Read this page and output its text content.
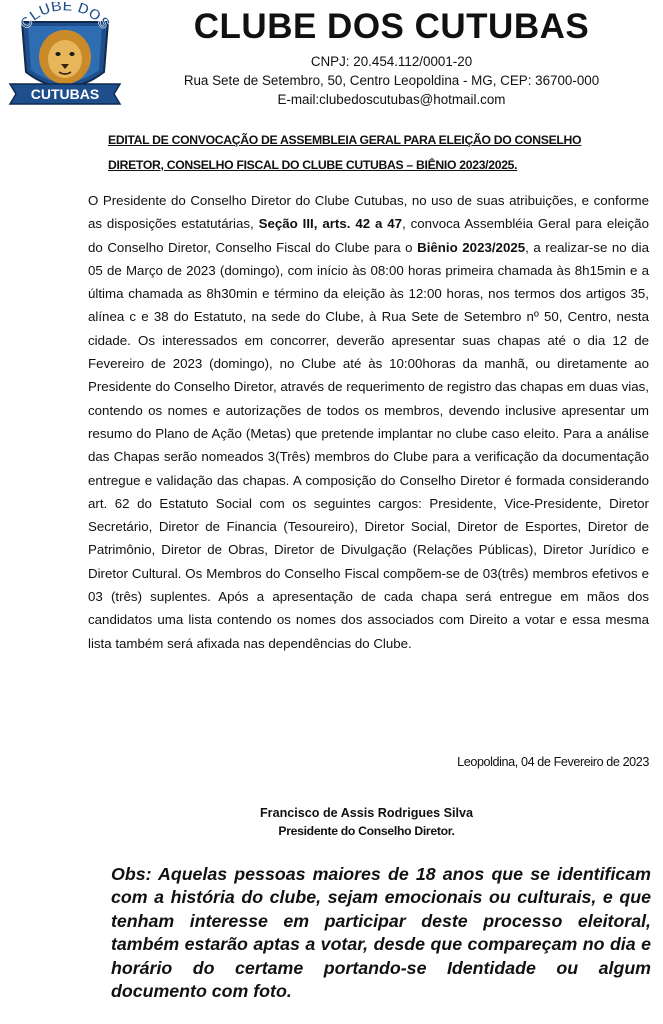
CLUBE DOS
CUTUBAS
CLUBE DOS CUTUBAS
CNPJ: 20.454.112/0001-20
Rua Sete de Setembro, 50, Centro Leopoldina - MG, CEP: 36700-000
E-mail:clubedoscutubas@hotmail.com
EDITAL DE CONVOCAÇÃO DE ASSEMBLEIA GERAL PARA ELEIÇÃO DO CONSELHO
DIRETOR, CONSELHO FISCAL DO CLUBE CUTUBAS – BIÊNIO 2023/2025.
O Presidente do Conselho Diretor do Clube Cutubas, no uso de suas atribuições, e conforme as disposições estatutárias, Seção III, arts. 42 a 47, convoca Assembléia Geral para eleição do Conselho Diretor, Conselho Fiscal do Clube para o Biênio 2023/2025, a realizar-se no dia 05 de Março de 2023 (domingo), com início às 08:00 horas primeira chamada às 8h15min e a última chamada as 8h30min e término da eleição às 12:00 horas, nos termos dos artigos 35, alínea c e 38 do Estatuto, na sede do Clube, à Rua Sete de Setembro nº 50, Centro, nesta cidade. Os interessados em concorrer, deverão apresentar suas chapas até o dia 12 de Fevereiro de 2023 (domingo), no Clube até às 10:00horas da manhã, ou diretamente ao Presidente do Conselho Diretor, através de requerimento de registro das chapas em duas vias, contendo os nomes e autorizações de todos os membros, devendo inclusive apresentar um resumo do Plano de Ação (Metas) que pretende implantar no clube caso eleito. Para a análise das Chapas serão nomeados 3(Três) membros do Clube para a verificação da documentação entregue e validação das chapas. A composição do Conselho Diretor é formada considerando art. 62 do Estatuto Social com os seguintes cargos: Presidente, Vice-Presidente, Diretor Secretário, Diretor de Financia (Tesoureiro), Diretor Social, Diretor de Esportes, Diretor de Patrimônio, Diretor de Obras, Diretor de Divulgação (Relações Públicas), Diretor Jurídico e Diretor Cultural. Os Membros do Conselho Fiscal compõem-se de 03(três) membros efetivos e 03 (três) suplentes. Após a apresentação de cada chapa será entregue em mãos dos candidatos uma lista contendo os nomes dos associados com Direito a votar e essa mesma lista também será afixada nas dependências do Clube.
Leopoldina, 04 de Fevereiro de 2023
Francisco de Assis Rodrigues Silva
Presidente do Conselho Diretor.
Obs: Aquelas pessoas maiores de 18 anos que se identificam com a história do clube, sejam emocionais ou culturais, e que tenham interesse em participar deste processo eleitoral, também estarão aptas a votar, desde que compareçam no dia e horário do certame portando-se Identidade ou algum documento com foto.
